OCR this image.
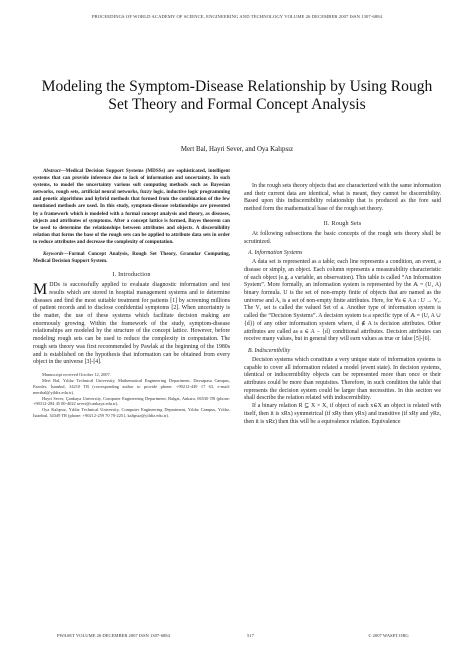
PROCEEDINGS OF WORLD ACADEMY OF SCIENCE, ENGINEERING AND TECHNOLOGY VOLUME 26 DECEMBER 2007 ISSN 1307-6884
Modeling the Symptom-Disease Relationship by Using Rough Set Theory and Formal Concept Analysis
Mert Bal, Hayri Sever, and Oya Kalıpsız

Abstract—Medical Decision Support Systems (MDSSs) are sophisticated, intelligent systems that can provide inference due to lack of information and uncertainty. In such systems, to model the uncertainty various soft computing methods such as Bayesian networks, rough sets, artificial neural networks, fuzzy logic, inductive logic programming and genetic algorithms and hybrid methods that formed from the combination of the few mentioned methods are used. In this study, symptom-disease relationships are presented by a framework which is modeled with a formal concept analysis and theory, as diseases, objects and attributes of symptoms. After a concept lattice is formed, Bayes theorem can be used to determine the relationships between attributes and objects. A discernibility relation that forms the base of the rough sets can be applied to attribute data sets in order to reduce attributes and decrease the complexity of computation.

Keywords—Formal Concept Analysis, Rough Set Theory, Granular Computing, Medical Decision Support System.

I. Introduction
M DDs is successfully applied to evaluate diagnostic information and test results which are stored in hospital management systems and to determine diseases and find the most suitable treatment for patients [1] by screening millions of patient records and to disclose confidential symptoms [2]. When uncertainty is the matter, the use of these systems which facilitate decision making are enormously growing. Within the framework of the study, symptom-disease relationships are modeled by the structure of the concept lattice. However, before modeling rough sets can be used to reduce the complexity in computation. The rough sets theory was first recommended by Pawlak at the beginning of the 1980s and is established on the hypothesis that information can be obtained from every object in the universe [3]-[4].

Manuscript received October 12, 2007.

Mert Bal, Yıldız Technical University, Mathematical Engineering Department, Davutpasa Campus, Esenler, İstanbul, 34210 TR (corresponding author to provide phone: +90212-449 17 63, e-mail: mertbal@yildiz.edu.tr).

Hayri Sever, Çankaya University, Computer Engineering Department, Balgat, Ankara, 06530 TR (phone: +90312-284 45 00-4022 sever@cankaya.edu.tr).

Oya Kalıpsız, Yıldız Technical University, Computer Engineering Department, Yıldız Campus, Yıldız, İstanbul, 34349 TR (phone: +90212-259 70 70-2251, kalipsiz@yildiz.edu.tr).

In the rough sets theory objects that are characterized with the same information and their current data are identical, what is meant, they cannot be discernibility. Based upon this indiscernibility relationship that is produced as the fore said method form the mathematical base of the rough set theory.

II. Rough Sets

At following subsections the basic concepts of the rough sets theory shall be scrutinized.

A. Information Systems

A data set is represented as a table; each line represents a condition, an event, a disease or simply, an object. Each column represents a measurability characteristic of each object (e.g. a variable, an observation). This table is called “An Information System”. More formally, an information system is represented by the 𝔸 = (U, A) binary formula. U is the set of non-empty finite of objects that are named as the universe and A, is a set of non-empty finite attributes. Here, for ∀a ∈ A a : U → Vₐ. The Vₐ set is called the valued Set of a. Another type of information system is called the “Decision Systems”. A decision system is a specific type of 𝔸 = (U, A ∪ {d}) of any other information system where, d ∉ A is decision attributes. Other attributes are called as a ∈ A − {d} conditional attributes. Decision attributes can receive many values, but in general they will earn values as true or false [5]-[6].

B. Indiscernibility

Decision systems which constitute a very unique state of information systems is capable to cover all information related a model (event state). In decision systems, identical or indiscernibility objects can be represented more than once or their attributes could be more than requisites. Therefore, in such condition the table that represents the decision system could be larger than necessities. In this section we shall describe the relation related with indiscernibility.

If a binary relation R ⊆ X × X, if object of each x∈X an object is related with itself, then it is xRx) symmetrical (if xRy then yRx) and transitive (if xRy and yRz, then it is xRz) then this will be a equivalence relation. Equivalence

PWASET VOLUME 26 DECEMBER 2007 ISSN 1307-6884	517	© 2007 WASET.ORG
